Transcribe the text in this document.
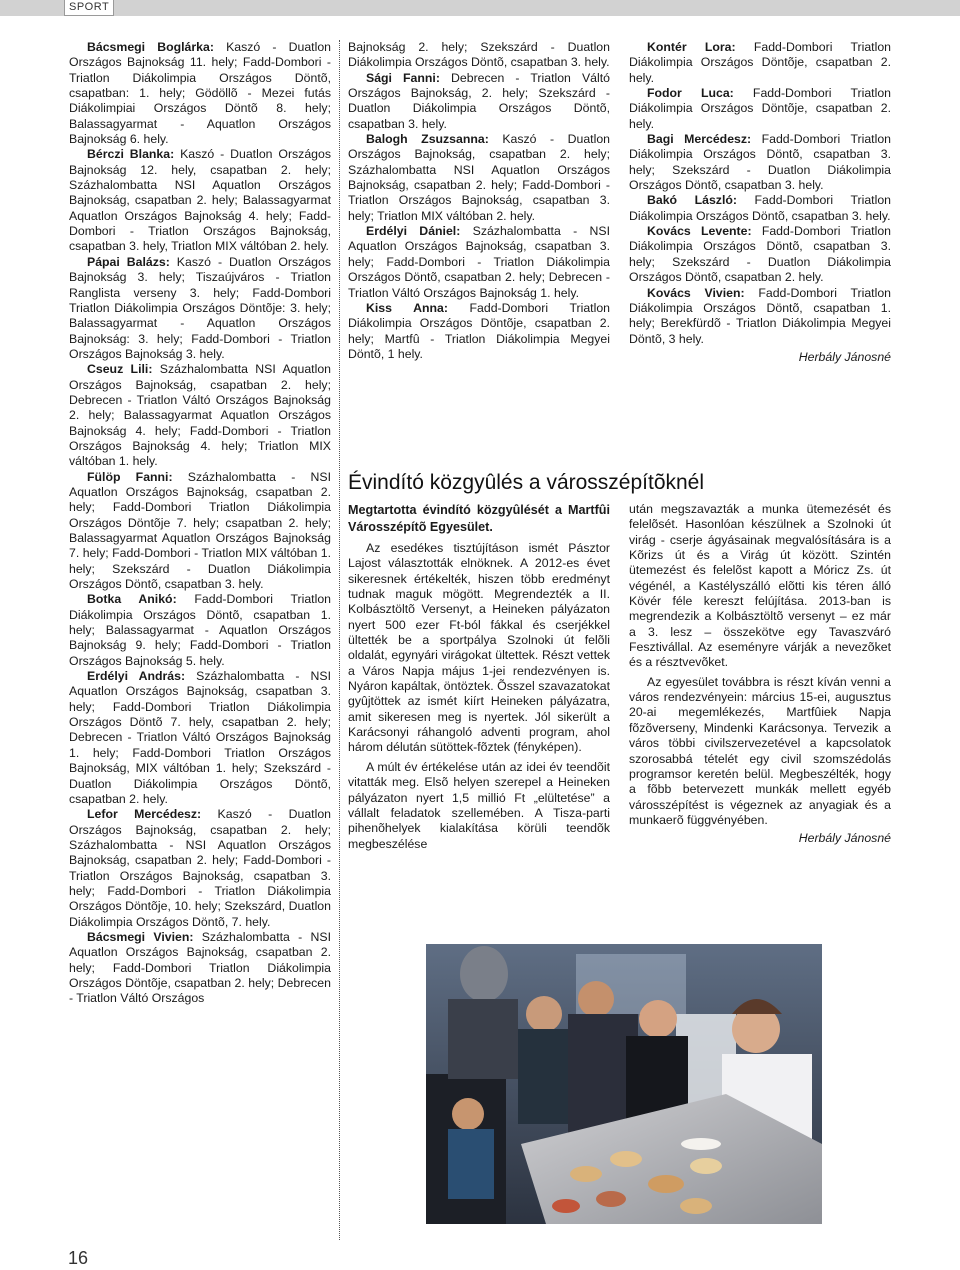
SPORT

Bácsmegi Boglárka: Kaszó - Duatlon Országos Bajnokság 11. hely; Fadd-Dombori - Triatlon Diákolimpia Országos Döntõ, csapatban: 1. hely; Gödöllõ - Mezei futás Diákolimpiai Országos Döntõ 8. hely; Balassagyarmat - Aquatlon Országos Bajnokság 6. hely.

Bérczi Blanka: Kaszó - Duatlon Országos Bajnokság 12. hely, csapatban 2. hely; Százhalombatta NSI Aquatlon Országos Bajnokság, csapatban 2. hely; Balassagyarmat Aquatlon Országos Bajnokság 4. hely; Fadd-Dombori - Triatlon Országos Bajnokság, csapatban 3. hely, Triatlon MIX váltóban 2. hely.

Pápai Balázs: Kaszó - Duatlon Országos Bajnokság 3. hely; Tiszaújváros - Triatlon Ranglista verseny 3. hely; Fadd-Dombori Triatlon Diákolimpia Országos Döntõje: 3. hely; Balassagyarmat - Aquatlon Országos Bajnokság: 3. hely; Fadd-Dombori - Triatlon Országos Bajnokság 3. hely.

Cseuz Lili: Százhalombatta NSI Aquatlon Országos Bajnokság, csapatban 2. hely; Debrecen - Triatlon Váltó Országos Bajnokság 2. hely; Balassagyarmat Aquatlon Országos Bajnokság 4. hely; Fadd-Dombori - Triatlon Országos Bajnokság 4. hely; Triatlon MIX váltóban 1. hely.

Fülöp Fanni: Százhalombatta - NSI Aquatlon Országos Bajnokság, csapatban 2. hely; Fadd-Dombori Triatlon Diákolimpia Országos Döntõje 7. hely; csapatban 2. hely; Balassagyarmat Aquatlon Országos Bajnokság 7. hely; Fadd-Dombori - Triatlon MIX váltóban 1. hely; Szekszárd - Duatlon Diákolimpia Országos Döntõ, csapatban 3. hely.

Botka Anikó: Fadd-Dombori Triatlon Diákolimpia Országos Döntõ, csapatban 1. hely; Balassagyarmat - Aquatlon Országos Bajnokság 9. hely; Fadd-Dombori - Triatlon Országos Bajnokság 5. hely.

Erdélyi András: Százhalombatta - NSI Aquatlon Országos Bajnokság, csapatban 3. hely; Fadd-Dombori Triatlon Diákolimpia Országos Döntõ 7. hely, csapatban 2. hely; Debrecen - Triatlon Váltó Országos Bajnokság 1. hely; Fadd-Dombori Triatlon Országos Bajnokság, MIX váltóban 1. hely; Szekszárd - Duatlon Diákolimpia Országos Döntõ, csapatban 2. hely.

Lefor Mercédesz: Kaszó - Duatlon Országos Bajnokság, csapatban 2. hely; Százhalombatta - NSI Aquatlon Országos Bajnokság, csapatban 2. hely; Fadd-Dombori - Triatlon Országos Bajnokság, csapatban 3. hely; Fadd-Dombori - Triatlon Diákolimpia Országos Döntõje, 10. hely; Szekszárd, Duatlon Diákolimpia Országos Döntõ, 7. hely.

Bácsmegi Vivien: Százhalombatta - NSI Aquatlon Országos Bajnokság, csapatban 2. hely; Fadd-Dombori Triatlon Diákolimpia Országos Döntõje, csapatban 2. hely; Debrecen - Triatlon Váltó Országos

Bajnokság 2. hely; Szekszárd - Duatlon Diákolimpia Országos Döntõ, csapatban 3. hely.

Sági Fanni: Debrecen - Triatlon Váltó Országos Bajnokság, 2. hely; Szekszárd - Duatlon Diákolimpia Országos Döntõ, csapatban 3. hely.

Balogh Zsuzsanna: Kaszó - Duatlon Országos Bajnokság, csapatban 2. hely; Százhalombatta NSI Aquatlon Országos Bajnokság, csapatban 2. hely; Fadd-Dombori - Triatlon Országos Bajnokság, csapatban 3. hely; Triatlon MIX váltóban 2. hely.

Erdélyi Dániel: Százhalombatta - NSI Aquatlon Országos Bajnokság, csapatban 3. hely; Fadd-Dombori - Triatlon Diákolimpia Országos Döntõ, csapatban 2. hely; Debrecen - Triatlon Váltó Országos Bajnokság 1. hely.

Kiss Anna: Fadd-Dombori Triatlon Diákolimpia Országos Döntõje, csapatban 2. hely; Martfû - Triatlon Diákolimpia Megyei Döntõ, 1 hely.

Kontér Lora: Fadd-Dombori Triatlon Diákolimpia Országos Döntõje, csapatban 2. hely.

Fodor Luca: Fadd-Dombori Triatlon Diákolimpia Országos Döntõje, csapatban 2. hely.

Bagi Mercédesz: Fadd-Dombori Triatlon Diákolimpia Országos Döntõ, csapatban 3. hely; Szekszárd - Duatlon Diákolimpia Országos Döntõ, csapatban 3. hely.

Bakó László: Fadd-Dombori Triatlon Diákolimpia Országos Döntõ, csapatban 3. hely.

Kovács Levente: Fadd-Dombori Triatlon Diákolimpia Országos Döntõ, csapatban 3. hely; Szekszárd - Duatlon Diákolimpia Országos Döntõ, csapatban 2. hely.

Kovács Vivien: Fadd-Dombori Triatlon Diákolimpia Országos Döntõ, csapatban 1. hely; Berekfürdõ - Triatlon Diákolimpia Megyei Döntõ, 3 hely.

Herbály Jánosné

Évindító közgyûlés a városszépítõknél

Megtartotta évindító közgyûlését a Martfûi Városszépítõ Egyesület.

Az esedékes tisztújításon ismét Pásztor Lajost választották elnöknek. A 2012-es évet sikeresnek értékelték, hiszen több eredményt tudnak maguk mögött. Megrendezték a II. Kolbásztöltõ Versenyt, a Heineken pályázaton nyert 500 ezer Ft-ból fákkal és cserjékkel ültették be a sportpálya Szolnoki út felõli oldalát, egynyári virágokat ültettek. Részt vettek a Város Napja május 1-jei rendezvényen is. Nyáron kapáltak, öntöztek. Õsszel szavazatokat gyûjtöttek az ismét kiírt Heineken pályázatra, amit sikeresen meg is nyertek. Jól sikerült a Karácsonyi ráhangoló adventi program, ahol három délután sütöttek-fõztek (fényképen).

A múlt év értékelése után az idei év teendõit vitatták meg. Elsõ helyen szerepel a Heineken pályázaton nyert 1,5 millió Ft „elültetése” a vállalt feladatok szellemében. A Tisza-parti pihenõhelyek kialakítása körüli teendõk megbeszélése

után megszavazták a munka ütemezését és felelõsét. Hasonlóan készülnek a Szolnoki út virág - cserje ágyásainak megvalósítására is a Kõrizs út és a Virág út között. Szintén ütemezést és felelõst kapott a Móricz Zs. út végénél, a Kastélyszálló elõtti kis téren álló Kövér féle kereszt felújítása. 2013-ban is megrendezik a Kolbásztöltõ versenyt – ez már a 3. lesz – összekötve egy Tavaszváró Fesztivállal. Az eseményre várják a nevezõket és a résztvevõket.

Az egyesület továbbra is részt kíván venni a város rendezvényein: március 15-ei, augusztus 20-ai megemlékezés, Martfûiek Napja fõzõverseny, Mindenki Karácsonya. Tervezik a város többi civilszervezetével a kapcsolatok szorosabbá tételét egy civil szomszédolás programsor keretén belül. Megbeszélték, hogy a fõbb betervezett munkák mellett egyéb városszépítést is végeznek az anyagiak és a munkaerõ függvényében.

Herbály Jánosné

16
